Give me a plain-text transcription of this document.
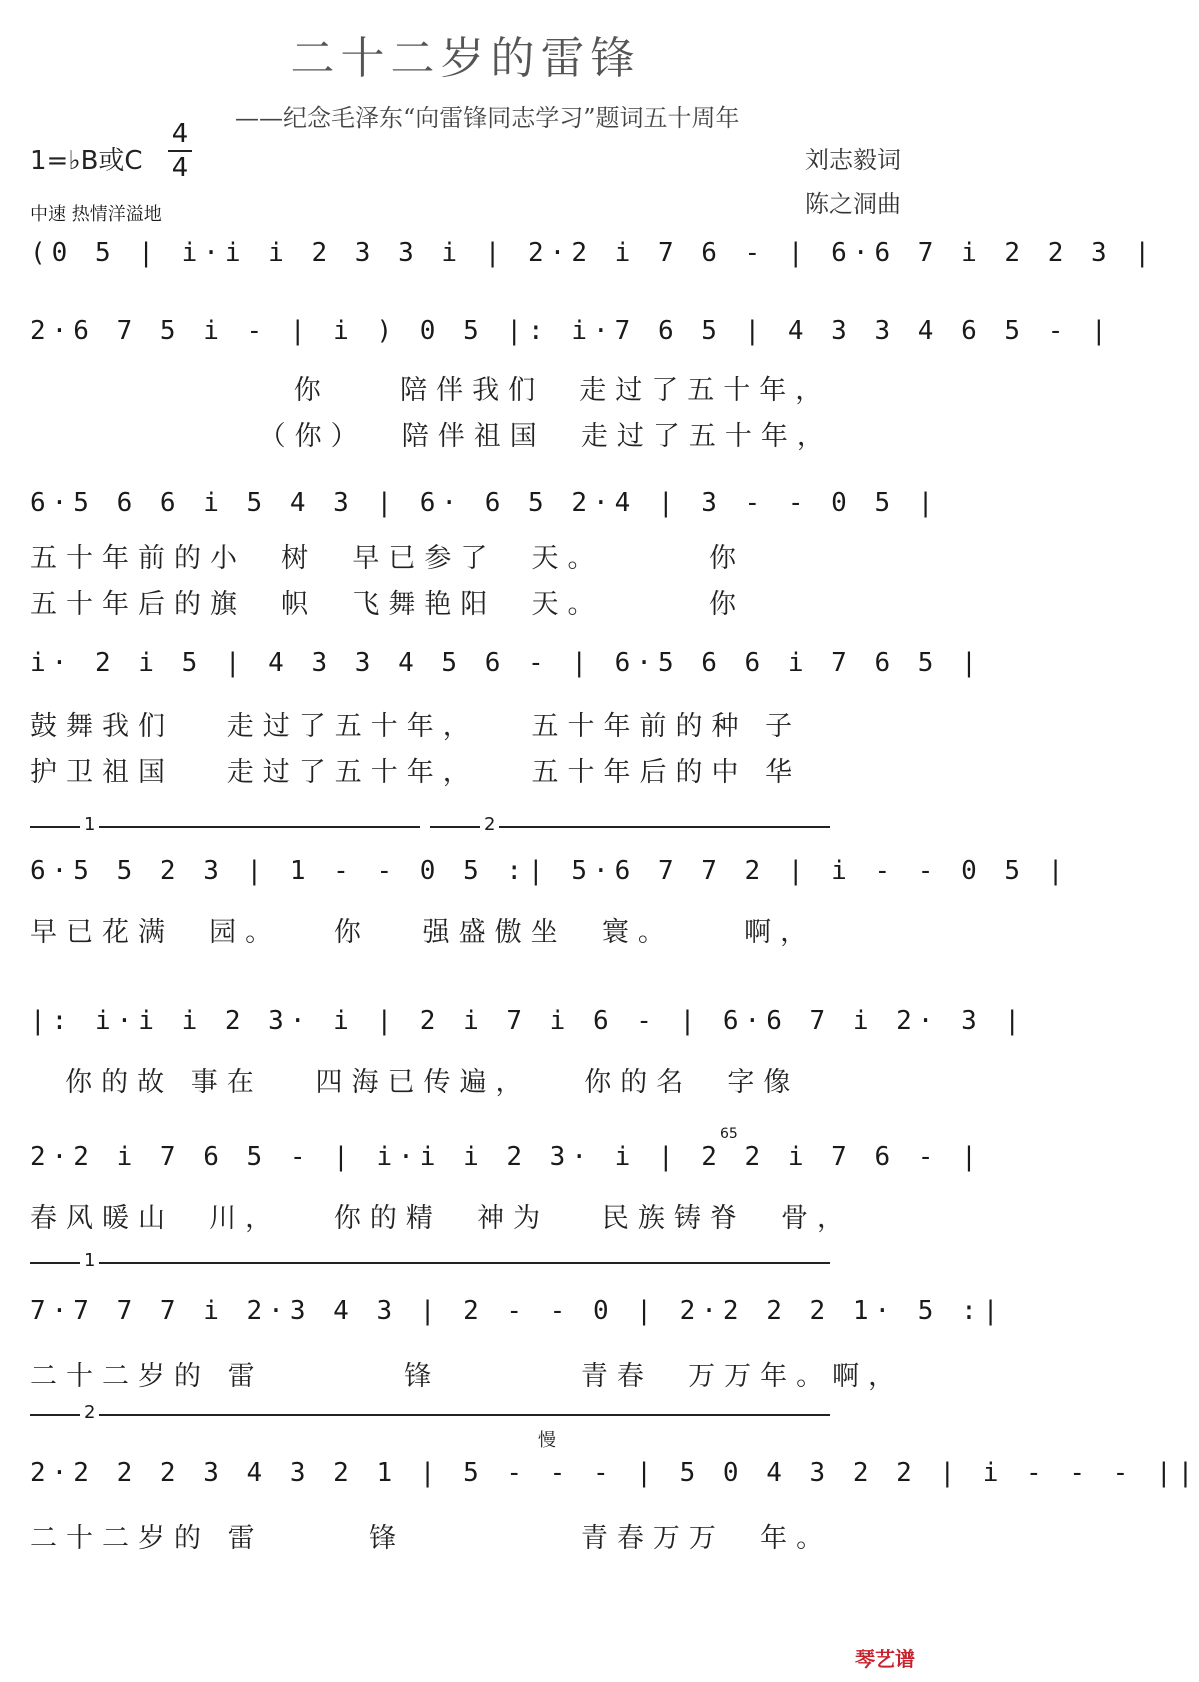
二十二岁的雷锋
——纪念毛泽东“向雷锋同志学习”题词五十周年
1=♭B或C
4
4
中速 热情洋溢地
刘志毅词
陈之洞曲
(0 5 | i·i i 2 3 3 i | 2·2 i 7 6 - | 6·6 7 i 2 2 3 |
2·6 7 5 i - | i ) 0 5 |: i·7 6 5 | 4 3 3 4 6 5 - |
你    陪伴我们  走过了五十年，
（你）  陪伴祖国  走过了五十年，
6·5 6 6 i 5 4 3 | 6· 6 5 2·4 | 3 - - 0 5 |
五十年前的小  树  早已参了  天。      你
五十年后的旗  帜  飞舞艳阳  天。      你
i· 2 i 5 | 4 3 3 4 5 6 - | 6·5 6 6 i 7 6 5 |
鼓舞我们   走过了五十年，   五十年前的种 子
护卫祖国   走过了五十年，   五十年后的中 华
1	2
6·5 5 2 3 | 1 - - 0 5 :| 5·6 7 7 2 | i - - 0 5 |
早已花满  园。   你   强盛傲坐  寰。    啊，
|: i·i i 2 3· i | 2 i 7 i 6 - | 6·6 7 i 2· 3 |
你的故 事在   四海已传遍，   你的名  字像
2·2 i 7 6 5 - | i·i i 2 3· i | 2 2 i 7 6 - |
65
春风暖山  川，   你的精  神为   民族铸脊  骨，
1
7·7 7 7 i 2·3 4 3 | 2 - - 0 | 2·2 2 2 1· 5 :|
二十二岁的 雷        锋        青春  万万年。啊，
2
慢
2·2 2 2 3 4 3 2 1 | 5 - - - | 5 0 4 3 2 2 | i - - - ||
二十二岁的 雷      锋          青春万万  年。
琴艺谱
